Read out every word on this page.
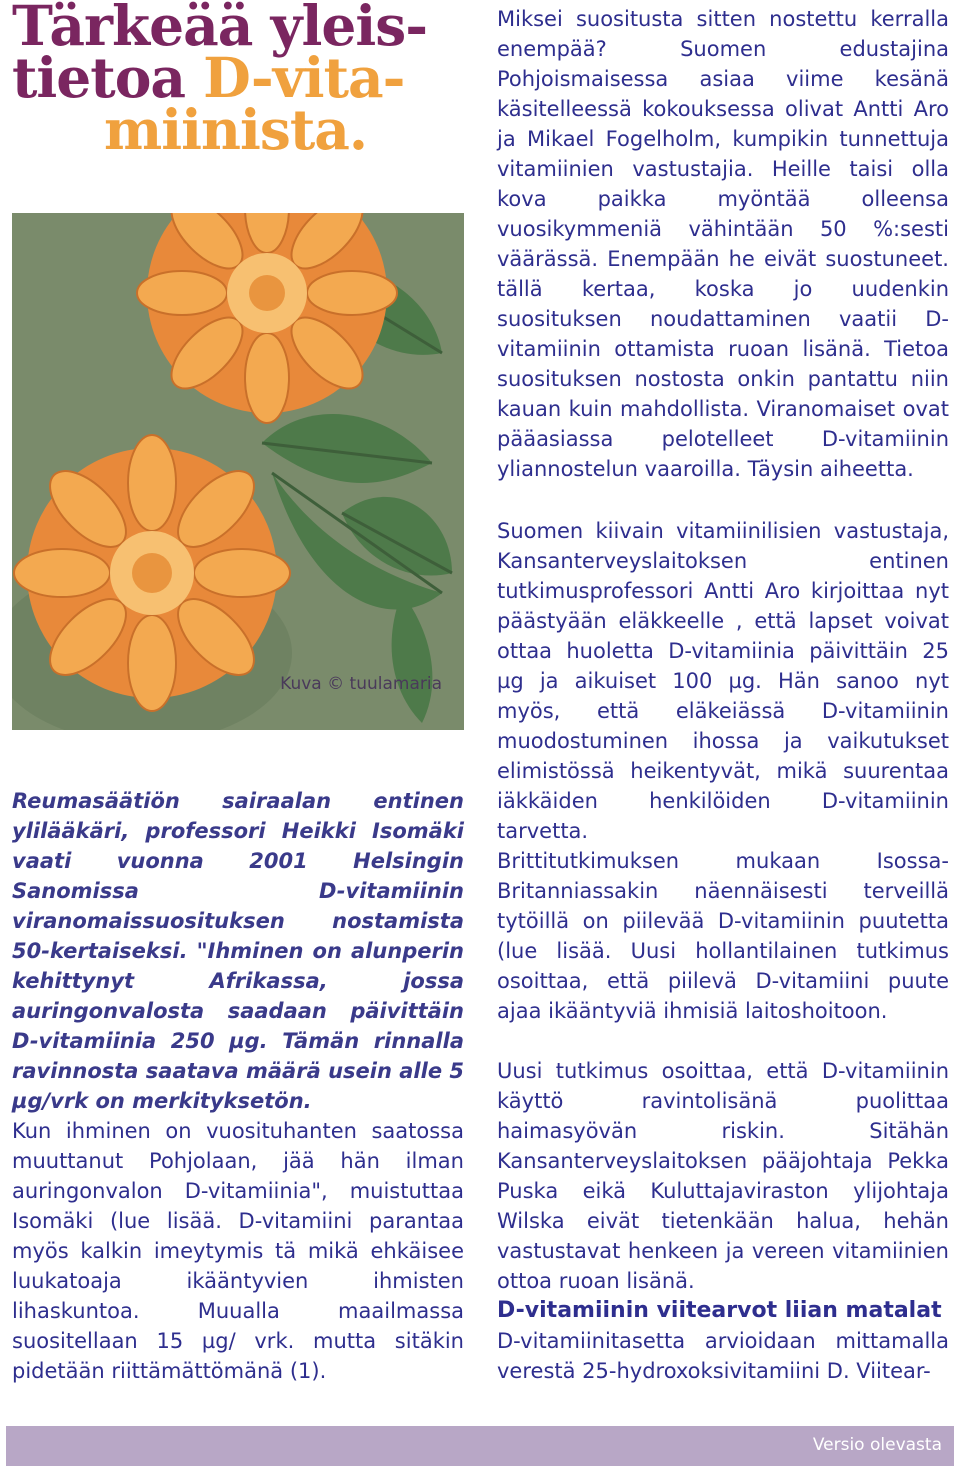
Tärkeää yleis-
tietoa D-vita-
miinista.
Kuva © tuulamaria

Reumasäätiön sairaalan entinen ylilääkäri, professori Heikki Isomäki vaati vuonna 2001 Helsingin Sanomissa D-vitamiinin viranomaissuosituksen nostamista 50-kertaiseksi. "Ihminen on alunperin kehittynyt Afrikassa, jossa auringonvalosta saadaan päivittäin D-vitamiinia 250 µg. Tämän rinnalla ravinnosta saatava määrä usein alle 5 µg/vrk on merkityksetön.

Kun ihminen on vuosituhanten saatossa muuttanut Pohjolaan, jää hän ilman auringonvalon D-vitamiinia", muistuttaa Isomäki (lue lisää. D-vitamiini parantaa myös kalkin imeytymis tä mikä ehkäisee luukatoaja ikääntyvien ihmisten lihaskuntoa. Muualla maailmassa suositellaan 15 µg/ vrk. mutta sitäkin pidetään riittämättömänä (1).

Miksei suositusta sitten nostettu kerralla enempää? Suomen edustajina Pohjoismaisessa asiaa viime kesänä käsitelleessä kokouksessa olivat Antti Aro ja Mikael Fogelholm, kumpikin tunnettuja vitamiinien vastustajia. Heille taisi olla kova paikka myöntää olleensa vuosikymmeniä vähintään 50 %:sesti väärässä. Enempään he eivät suostuneet. tällä kertaa, koska jo uudenkin suosituksen noudattaminen vaatii D-vitamiinin ottamista ruoan lisänä. Tietoa suosituksen nostosta onkin pantattu niin kauan kuin mahdollista. Viranomaiset ovat pääasiassa pelotelleet D-vitamiinin yliannostelun vaaroilla. Täysin aiheetta.

Suomen kiivain vitamiinilisien vastustaja, Kansanterveyslaitoksen entinen tutkimusprofessori Antti Aro kirjoittaa nyt päästyään eläkkeelle , että lapset voivat ottaa huoletta D-vitamiinia päivittäin 25 µg ja aikuiset 100 µg. Hän sanoo nyt myös, että eläkeiässä D-vitamiinin muodostuminen ihossa ja vaikutukset elimistössä heikentyvät, mikä suurentaa iäkkäiden henkilöiden D-vitamiinin tarvetta.

Brittitutkimuksen mukaan Isossa-Britanniassakin näennäisesti terveillä tytöillä on piilevää D-vitamiinin puutetta (lue lisää. Uusi hollantilainen tutkimus osoittaa, että piilevä D-vitamiini puute ajaa ikääntyviä ihmisiä laitoshoitoon.

Uusi tutkimus osoittaa, että D-vitamiinin käyttö ravintolisänä puolittaa haimasyövän riskin. Sitähän Kansanterveyslaitoksen pääjohtaja Pekka Puska eikä Kuluttajaviraston ylijohtaja Wilska eivät tietenkään halua, hehän vastustavat henkeen ja vereen vitamiinien ottoa ruoan lisänä.

D-vitamiinin viitearvot liian matalat

D-vitamiinitasetta arvioidaan mittamalla verestä 25-hydroxoksivitamiini D. Viitear-

Versio olevasta
